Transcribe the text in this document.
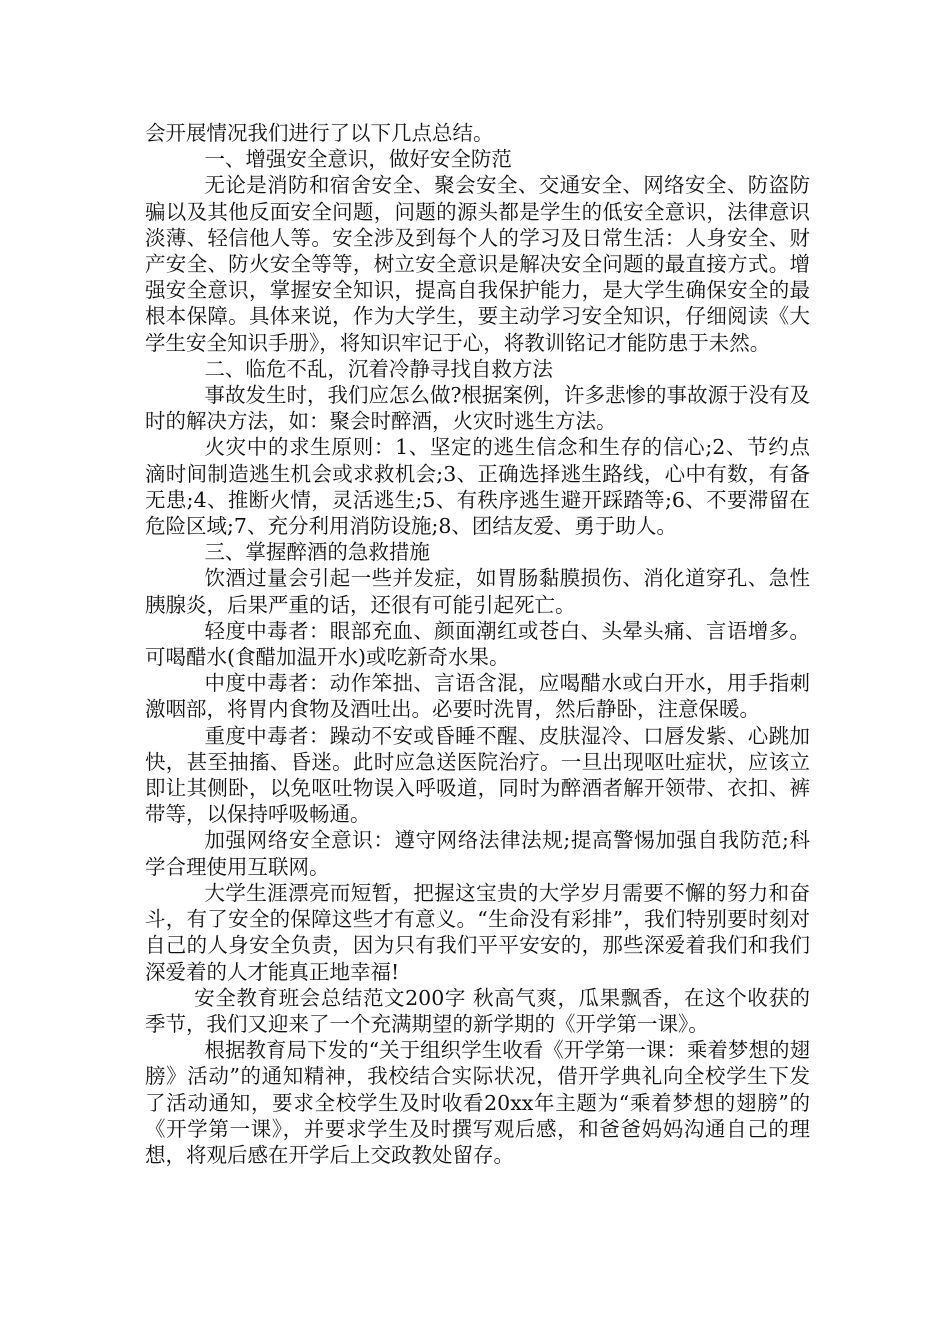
会开展情况我们进行了以下几点总结。

一、增强安全意识，做好安全防范

无论是消防和宿舍安全、聚会安全、交通安全、网络安全、防盗防骗以及其他反面安全问题，问题的源头都是学生的低安全意识，法律意识淡薄、轻信他人等。安全涉及到每个人的学习及日常生活：人身安全、财产安全、防火安全等等，树立安全意识是解决安全问题的最直接方式。增强安全意识，掌握安全知识，提高自我保护能力，是大学生确保安全的最根本保障。具体来说，作为大学生，要主动学习安全知识，仔细阅读《大学生安全知识手册》，将知识牢记于心，将教训铭记才能防患于未然。

二、临危不乱，沉着冷静寻找自救方法

事故发生时，我们应怎么做?根据案例，许多悲惨的事故源于没有及时的解决方法，如：聚会时醉酒，火灾时逃生方法。

火灾中的求生原则：1、坚定的逃生信念和生存的信心;2、节约点滴时间制造逃生机会或求救机会;3、正确选择逃生路线，心中有数，有备无患;4、推断火情，灵活逃生;5、有秩序逃生避开踩踏等;6、不要滞留在危险区域;7、充分利用消防设施;8、团结友爱、勇于助人。

三、掌握醉酒的急救措施

饮酒过量会引起一些并发症，如胃肠黏膜损伤、消化道穿孔、急性胰腺炎，后果严重的话，还很有可能引起死亡。

轻度中毒者：眼部充血、颜面潮红或苍白、头晕头痛、言语增多。可喝醋水(食醋加温开水)或吃新奇水果。

中度中毒者：动作笨拙、言语含混，应喝醋水或白开水，用手指刺激咽部，将胃内食物及酒吐出。必要时洗胃，然后静卧，注意保暖。

重度中毒者：躁动不安或昏睡不醒、皮肤湿冷、口唇发紫、心跳加快，甚至抽搐、昏迷。此时应急送医院治疗。一旦出现呕吐症状，应该立即让其侧卧，以免呕吐物误入呼吸道，同时为醉酒者解开领带、衣扣、裤带等，以保持呼吸畅通。

加强网络安全意识：遵守网络法律法规;提高警惕加强自我防范;科学合理使用互联网。

大学生涯漂亮而短暂，把握这宝贵的大学岁月需要不懈的努力和奋斗，有了安全的保障这些才有意义。“生命没有彩排”，我们特别要时刻对自己的人身安全负责，因为只有我们平平安安的，那些深爱着我们和我们深爱着的人才能真正地幸福!

安全教育班会总结范文200字 秋高气爽，瓜果飘香，在这个收获的季节，我们又迎来了一个充满期望的新学期的《开学第一课》。

根据教育局下发的“关于组织学生收看《开学第一课：乘着梦想的翅膀》活动”的通知精神，我校结合实际状况，借开学典礼向全校学生下发了活动通知，要求全校学生及时收看20xx年主题为“乘着梦想的翅膀”的《开学第一课》，并要求学生及时撰写观后感，和爸爸妈妈沟通自己的理想，将观后感在开学后上交政教处留存。
